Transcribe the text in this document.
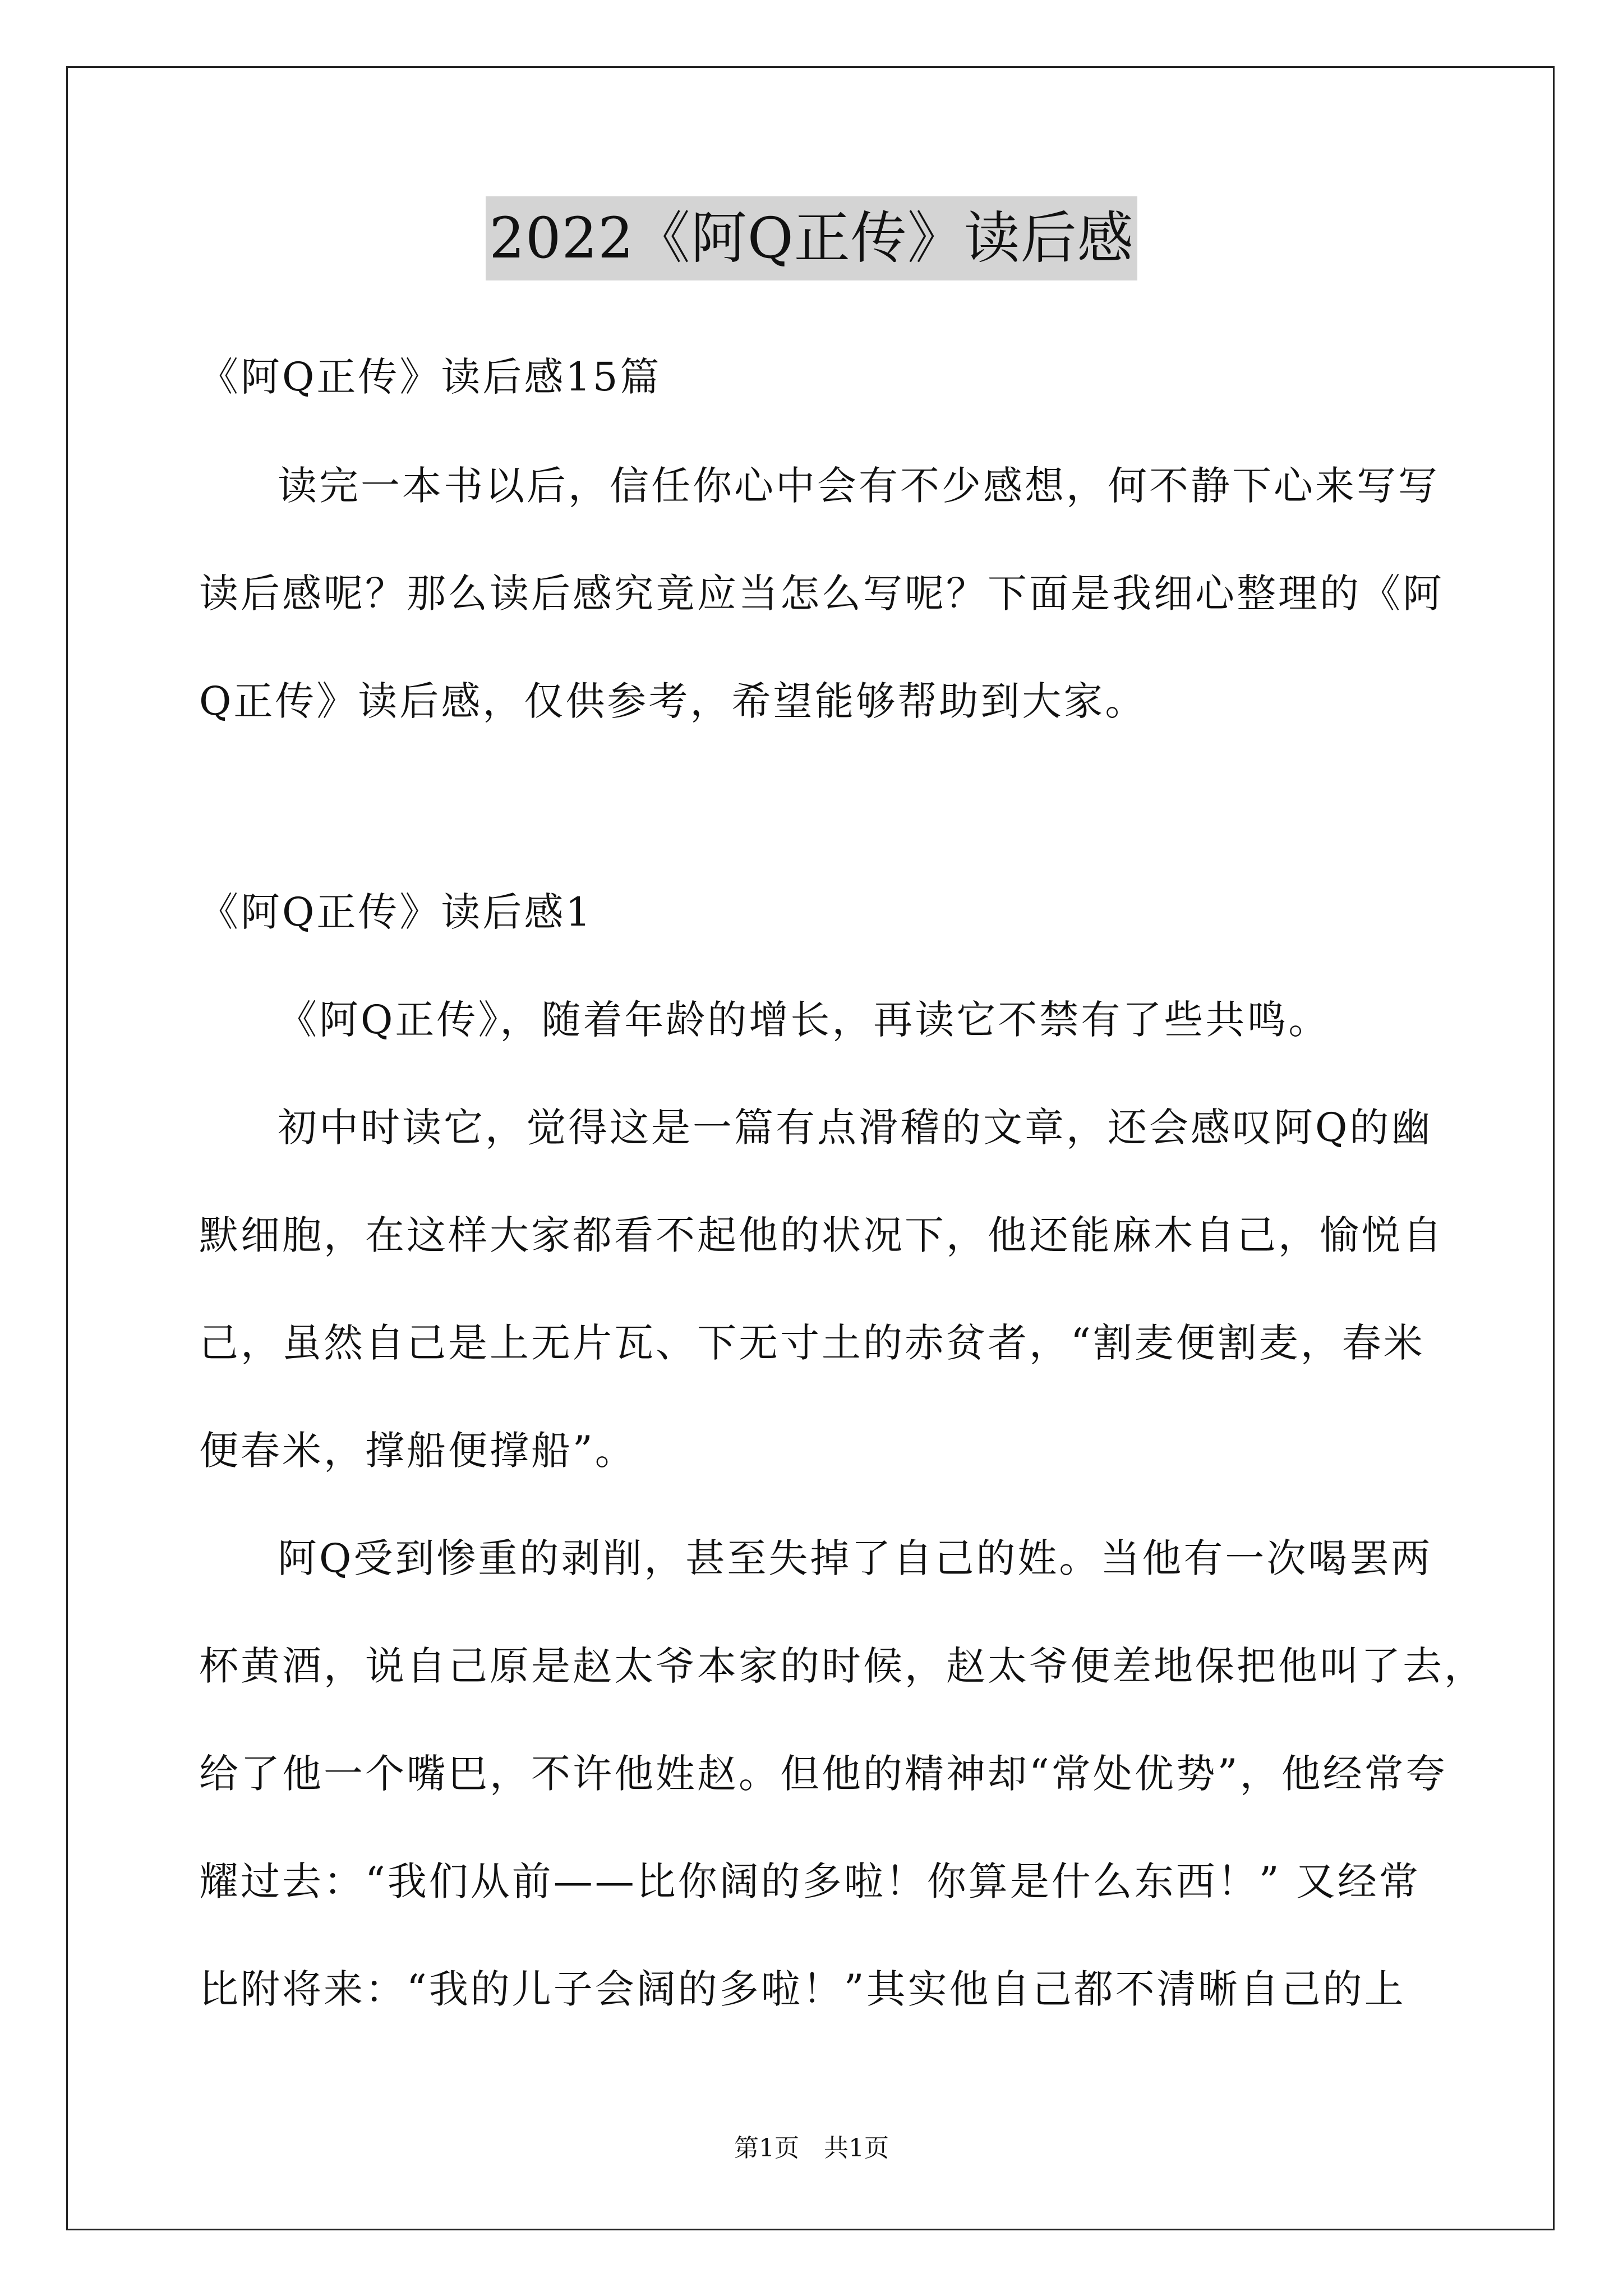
2022《阿Q正传》读后感
《阿Q正传》读后感15篇
读完一本书以后，信任你心中会有不少感想，何不静下心来写写
读后感呢？那么读后感究竟应当怎么写呢？下面是我细心整理的《阿
Q正传》读后感，仅供参考，希望能够帮助到大家。
《阿Q正传》读后感1
《阿Q正传》，随着年龄的增长，再读它不禁有了些共鸣。
初中时读它，觉得这是一篇有点滑稽的文章，还会感叹阿Q的幽
默细胞，在这样大家都看不起他的状况下，他还能麻木自己，愉悦自
己，虽然自己是上无片瓦、下无寸土的赤贫者，“割麦便割麦，春米
便春米，撑船便撑船”。
阿Q受到惨重的剥削，甚至失掉了自己的姓。当他有一次喝罢两
杯黄酒，说自己原是赵太爷本家的时候，赵太爷便差地保把他叫了去，
给了他一个嘴巴，不许他姓赵。但他的精神却“常处优势”，他经常夸
耀过去：“我们从前——比你阔的多啦！你算是什么东西！” 又经常
比附将来：“我的儿子会阔的多啦！”其实他自己都不清晰自己的上
第1页　共1页
